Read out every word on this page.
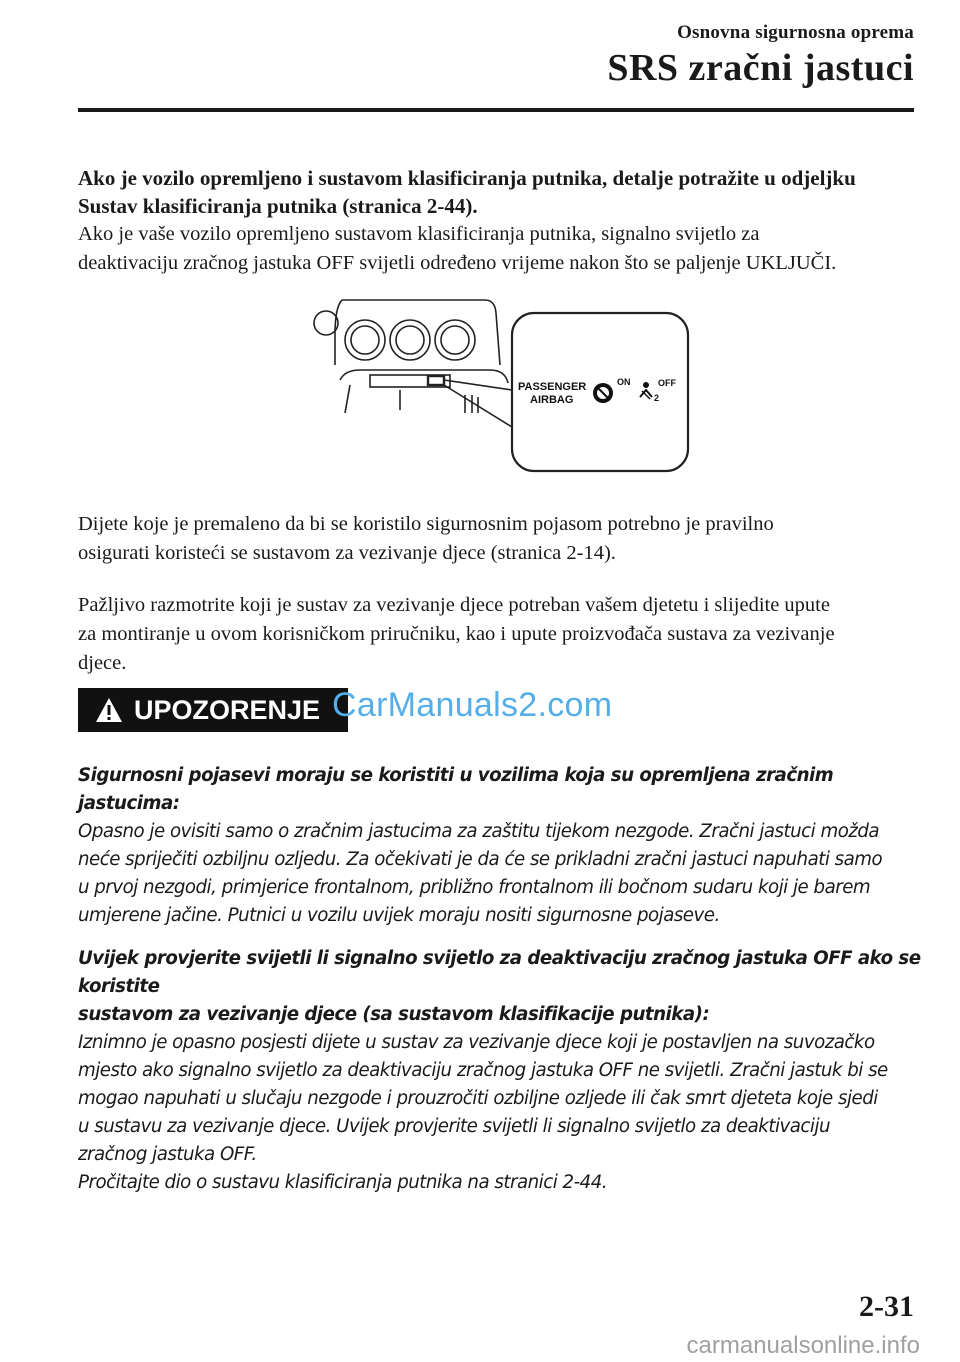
Osnovna sigurnosna oprema
SRS zračni jastuci

Ako je vozilo opremljeno i sustavom klasificiranja putnika, detalje potražite u odjeljku

Sustav klasificiranja putnika (stranica 2-44).

Ako je vaše vozilo opremljeno sustavom klasificiranja putnika, signalno svijetlo za

deaktivaciju zračnog jastuka OFF svijetli određeno vrijeme nakon što se paljenje UKLJUČI.

PASSENGER
AIRBAG
ON	OFF
2

Dijete koje je premaleno da bi se koristilo sigurnosnim pojasom potrebno je pravilno

osigurati koristeći se sustavom za vezivanje djece (stranica 2-14).

Pažljivo razmotrite koji je sustav za vezivanje djece potreban vašem djetetu i slijedite upute

za montiranje u ovom korisničkom priručniku, kao i upute proizvođača sustava za vezivanje

djece.

UPOZORENJE CarManuals2.com

Sigurnosni pojasevi moraju se koristiti u vozilima koja su opremljena zračnim jastucima:

Opasno je ovisiti samo o zračnim jastucima za zaštitu tijekom nezgode. Zračni jastuci možda

neće spriječiti ozbiljnu ozljedu. Za očekivati je da će se prikladni zračni jastuci napuhati samo

u prvoj nezgodi, primjerice frontalnom, približno frontalnom ili bočnom sudaru koji je barem

umjerene jačine. Putnici u vozilu uvijek moraju nositi sigurnosne pojaseve.

Uvijek provjerite svijetli li signalno svijetlo za deaktivaciju zračnog jastuka OFF ako se koristite

sustavom za vezivanje djece (sa sustavom klasifikacije putnika):

Iznimno je opasno posjesti dijete u sustav za vezivanje djece koji je postavljen na suvozačko

mjesto ako signalno svijetlo za deaktivaciju zračnog jastuka OFF ne svijetli. Zračni jastuk bi se

mogao napuhati u slučaju nezgode i prouzročiti ozbiljne ozljede ili čak smrt djeteta koje sjedi

u sustavu za vezivanje djece. Uvijek provjerite svijetli li signalno svijetlo za deaktivaciju

zračnog jastuka OFF.

Pročitajte dio o sustavu klasificiranja putnika na stranici 2-44.

2-31
carmanualsonline.info
